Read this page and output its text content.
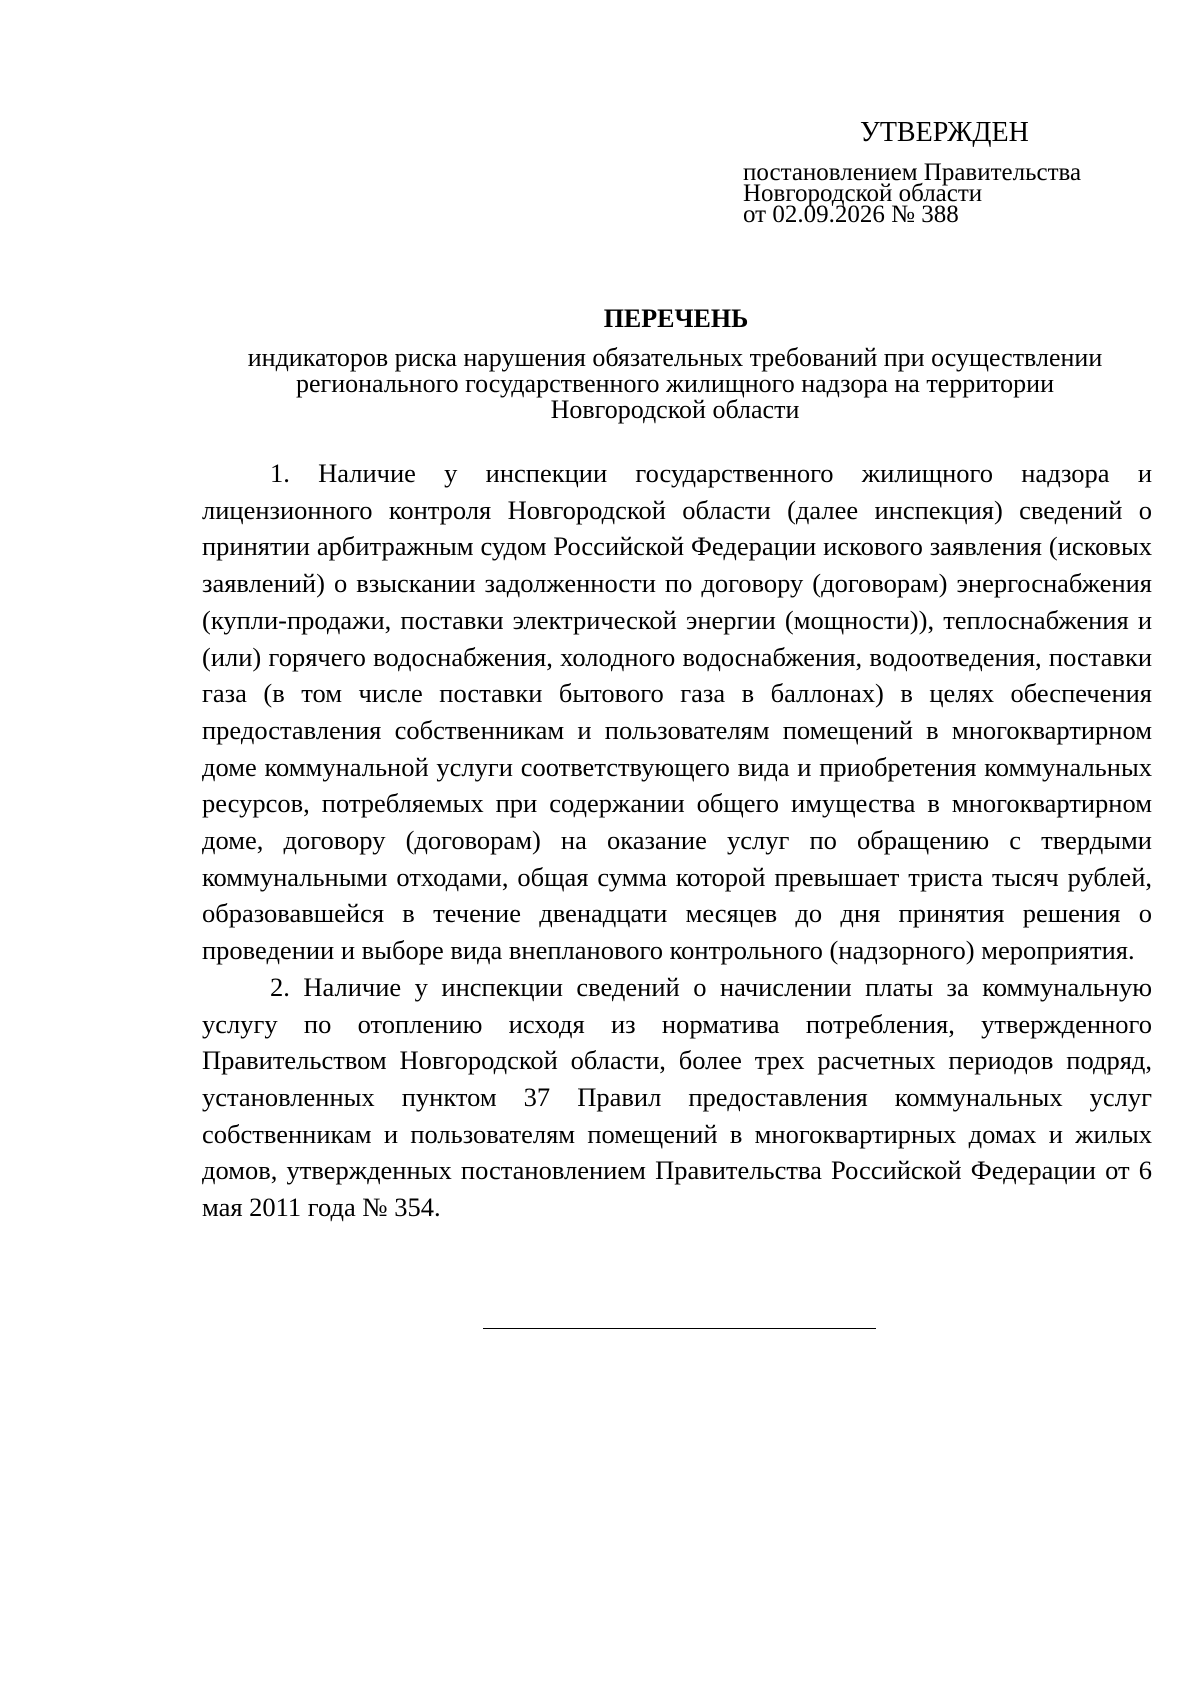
УТВЕРЖДЕН
постановлением Правительства
Новгородской области
от 02.09.2026 № 388
ПЕРЕЧЕНЬ
индикаторов риска нарушения обязательных требований при осуществлении
регионального государственного жилищного надзора на территории
Новгородской области

1. Наличие у инспекции государственного жилищного надзора и лицензионного контроля Новгородской области (далее инспекция) сведений о принятии арбитражным судом Российской Федерации искового заявления (исковых заявлений) о взыскании задолженности по договору (договорам) энергоснабжения (купли-продажи, поставки электрической энергии (мощности)), теплоснабжения и (или) горячего водоснабжения, холодного водоснабжения, водоотведения, поставки газа (в том числе поставки бытового газа в баллонах) в целях обеспечения предоставления собственникам и пользователям помещений в многоквартирном доме коммунальной услуги соответствующего вида и приобретения коммунальных ресурсов, потребляемых при содержании общего имущества в многоквартирном доме, договору (договорам) на оказание услуг по обращению с твердыми коммунальными отходами, общая сумма которой превышает триста тысяч рублей, образовавшейся в течение двенадцати месяцев до дня принятия решения о проведении и выборе вида внепланового контрольного (надзорного) мероприятия.

2. Наличие у инспекции сведений о начислении платы за коммунальную услугу по отоплению исходя из норматива потребления, утвержденного Правительством Новгородской области, более трех расчетных периодов подряд, установленных пунктом 37 Правил предоставления коммунальных услуг собственникам и пользователям помещений в многоквартирных домах и жилых домов, утвержденных постановлением Правительства Российской Федерации от 6 мая 2011 года № 354.
